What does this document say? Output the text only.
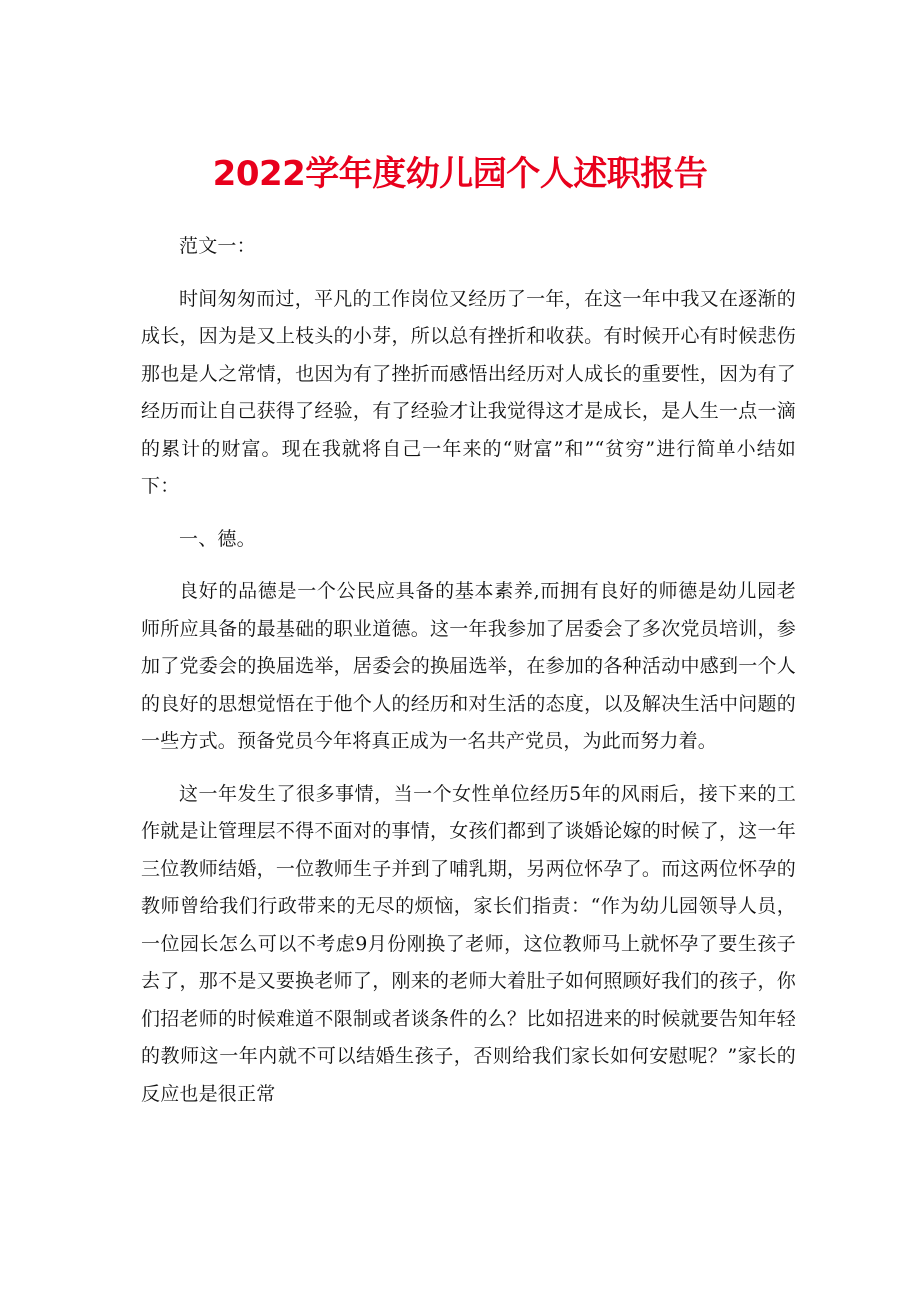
2022学年度幼儿园个人述职报告

范文一：

时间匆匆而过，平凡的工作岗位又经历了一年，在这一年中我又在逐渐的成长，因为是又上枝头的小芽，所以总有挫折和收获。有时候开心有时候悲伤那也是人之常情，也因为有了挫折而感悟出经历对人成长的重要性，因为有了经历而让自己获得了经验，有了经验才让我觉得这才是成长，是人生一点一滴的累计的财富。现在我就将自己一年来的“财富”和”“贫穷”进行简单小结如下：

一、德。

良好的品德是一个公民应具备的基本素养,而拥有良好的师德是幼儿园老师所应具备的最基础的职业道德。这一年我参加了居委会了多次党员培训，参加了党委会的换届选举，居委会的换届选举，在参加的各种活动中感到一个人的良好的思想觉悟在于他个人的经历和对生活的态度，以及解决生活中问题的一些方式。预备党员今年将真正成为一名共产党员，为此而努力着。

这一年发生了很多事情，当一个女性单位经历5年的风雨后，接下来的工作就是让管理层不得不面对的事情，女孩们都到了谈婚论嫁的时候了，这一年三位教师结婚，一位教师生子并到了哺乳期，另两位怀孕了。而这两位怀孕的教师曾给我们行政带来的无尽的烦恼，家长们指责：“作为幼儿园领导人员，一位园长怎么可以不考虑9月份刚换了老师，这位教师马上就怀孕了要生孩子去了，那不是又要换老师了，刚来的老师大着肚子如何照顾好我们的孩子，你们招老师的时候难道不限制或者谈条件的么？比如招进来的时候就要告知年轻的教师这一年内就不可以结婚生孩子，否则给我们家长如何安慰呢？”家长的反应也是很正常
